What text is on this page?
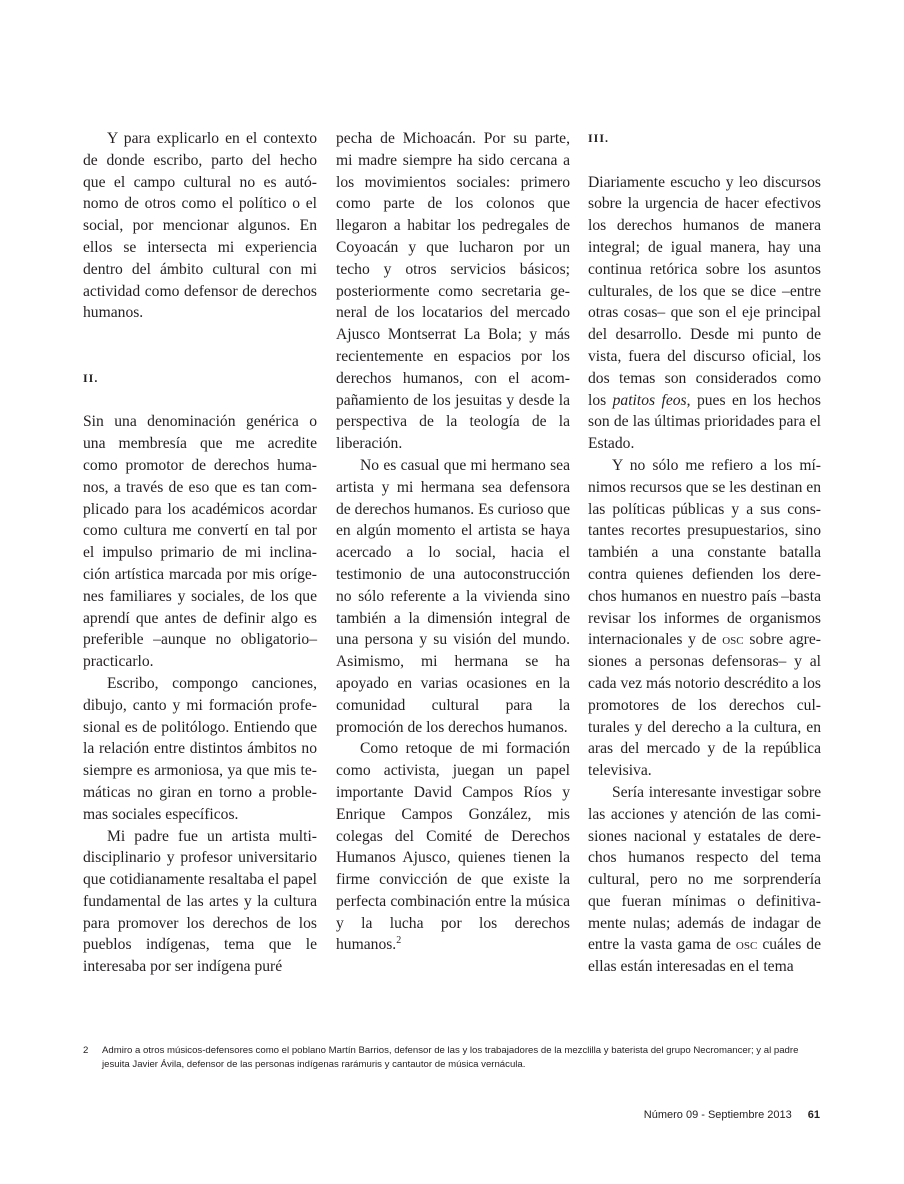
Y para explicarlo en el contexto de donde escribo, parto del hecho que el campo cultural no es autónomo de otros como el político o el social, por mencionar algunos. En ellos se intersecta mi experiencia dentro del ámbito cultural con mi actividad como defensor de derechos humanos.

II.

Sin una denominación genérica o una membresía que me acredite como promotor de derechos humanos, a través de eso que es tan complicado para los académicos acordar como cultura me convertí en tal por el impulso primario de mi inclinación artística marcada por mis orígenes familiares y sociales, de los que aprendí que antes de definir algo es preferible –aunque no obligatorio– practicarlo.

Escribo, compongo canciones, dibujo, canto y mi formación profesional es de politólogo. Entiendo que la relación entre distintos ámbitos no siempre es armoniosa, ya que mis temáticas no giran en torno a problemas sociales específicos.

Mi padre fue un artista multidisciplinario y profesor universitario que cotidianamente resaltaba el papel fundamental de las artes y la cultura para promover los derechos de los pueblos indígenas, tema que le interesaba por ser indígena puré

pecha de Michoacán. Por su parte, mi madre siempre ha sido cercana a los movimientos sociales: primero como parte de los colonos que llegaron a habitar los pedregales de Coyoacán y que lucharon por un techo y otros servicios básicos; posteriormente como secretaria general de los locatarios del mercado Ajusco Montserrat La Bola; y más recientemente en espacios por los derechos humanos, con el acompañamiento de los jesuitas y desde la perspectiva de la teología de la liberación.

No es casual que mi hermano sea artista y mi hermana sea defensora de derechos humanos. Es curioso que en algún momento el artista se haya acercado a lo social, hacia el testimonio de una autoconstrucción no sólo referente a la vivienda sino también a la dimensión integral de una persona y su visión del mundo. Asimismo, mi hermana se ha apoyado en varias ocasiones en la comunidad cultural para la promoción de los derechos humanos.

Como retoque de mi formación como activista, juegan un papel importante David Campos Ríos y Enrique Campos González, mis colegas del Comité de Derechos Humanos Ajusco, quienes tienen la firme convicción de que existe la perfecta combinación entre la música y la lucha por los derechos humanos.$^2$

III.

Diariamente escucho y leo discursos sobre la urgencia de hacer efectivos los derechos humanos de manera integral; de igual manera, hay una continua retórica sobre los asuntos culturales, de los que se dice –entre otras cosas– que son el eje principal del desarrollo. Desde mi punto de vista, fuera del discurso oficial, los dos temas son considerados como los patitos feos, pues en los hechos son de las últimas prioridades para el Estado.

Y no sólo me refiero a los mínimos recursos que se les destinan en las políticas públicas y a sus constantes recortes presupuestarios, sino también a una constante batalla contra quienes defienden los derechos humanos en nuestro país –basta revisar los informes de organismos internacionales y de osc sobre agresiones a personas defensoras– y al cada vez más notorio descrédito a los promotores de los derechos culturales y del derecho a la cultura, en aras del mercado y de la república televisiva.

Sería interesante investigar sobre las acciones y atención de las comisiones nacional y estatales de derechos humanos respecto del tema cultural, pero no me sorprendería que fueran mínimas o definitivamente nulas; además de indagar de entre la vasta gama de osc cuáles de ellas están interesadas en el tema

2 Admiro a otros músicos-defensores como el poblano Martín Barrios, defensor de las y los trabajadores de la mezclilla y baterista del grupo Necromancer; y al padre jesuita Javier Ávila, defensor de las personas indígenas rarámuris y cantautor de música vernácula.
Número 09 - Septiembre 2013 61
